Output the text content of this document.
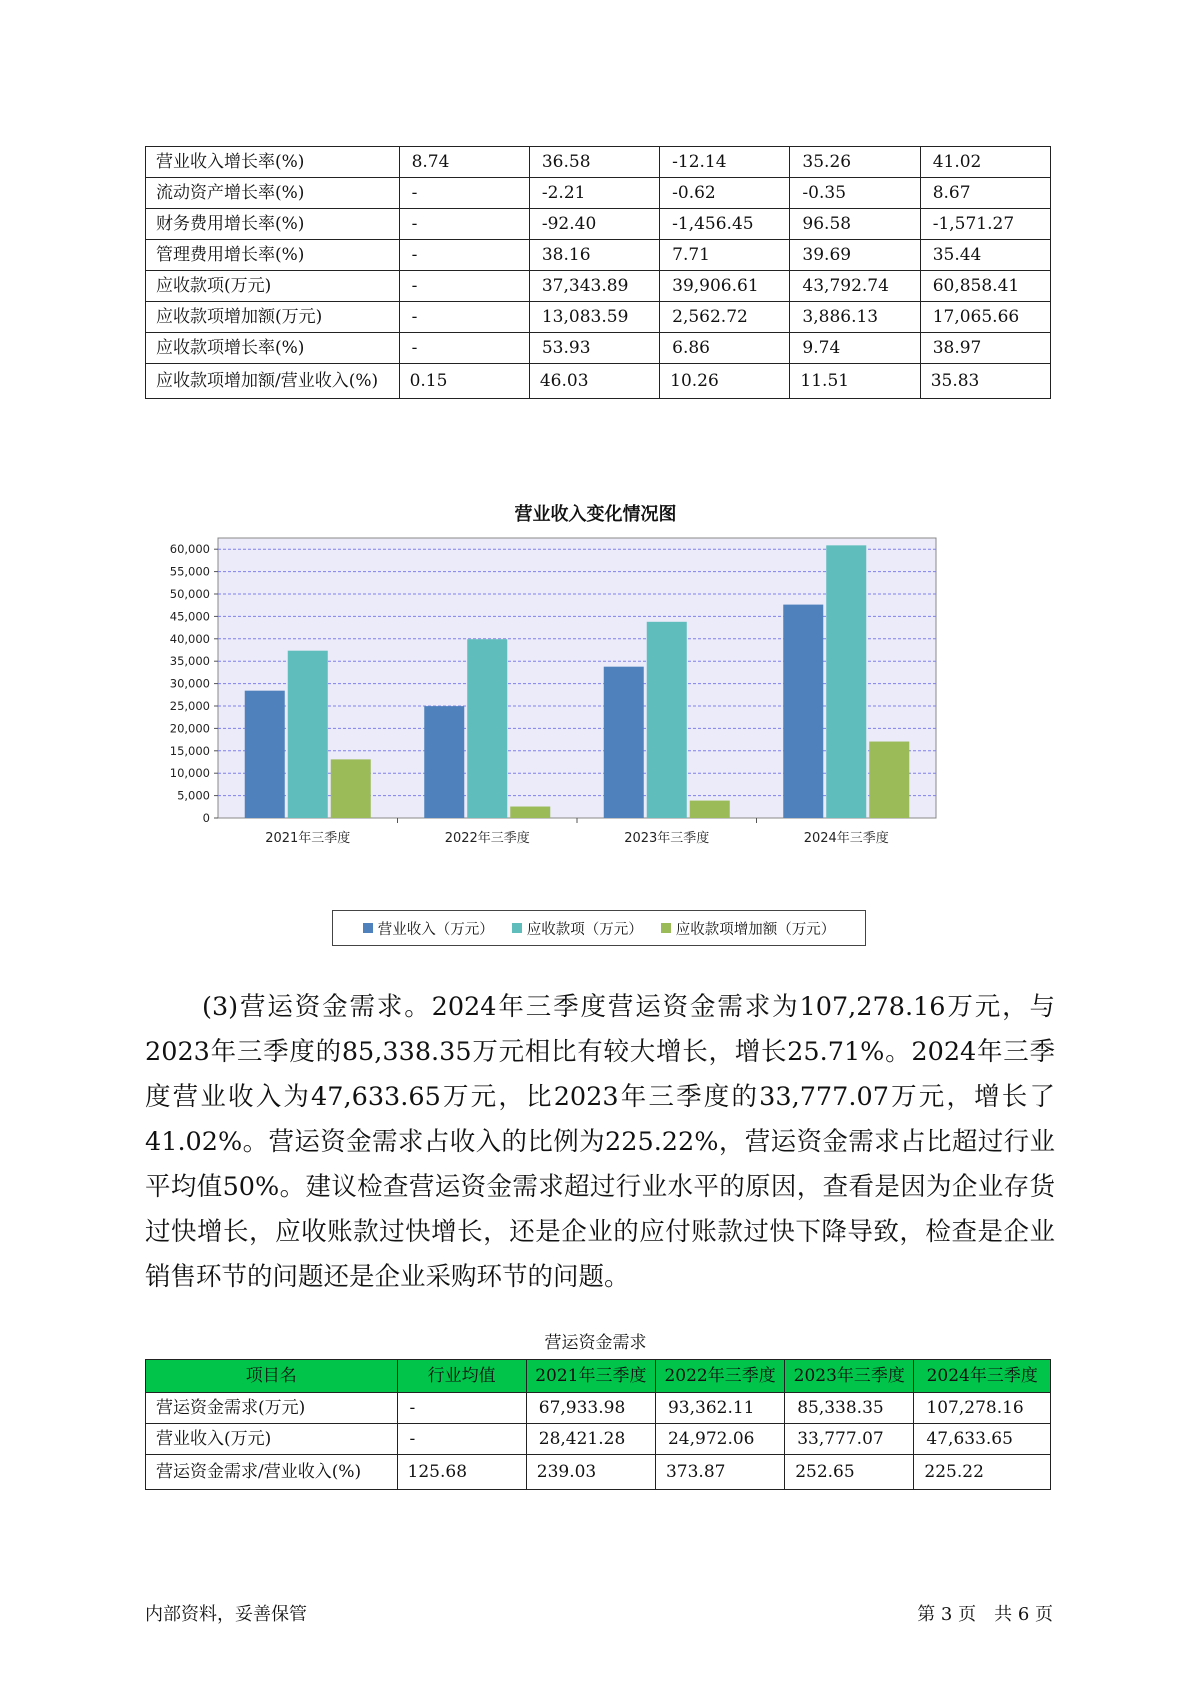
营业收入增长率(%)	8.74	36.58	-12.14	35.26	41.02
流动资产增长率(%)	-	-2.21	-0.62	-0.35	8.67
财务费用增长率(%)	-	-92.40	-1,456.45	96.58	-1,571.27
管理费用增长率(%)	-	38.16	7.71	39.69	35.44
应收款项(万元)	-	37,343.89	39,906.61	43,792.74	60,858.41
应收款项增加额(万元)	-	13,083.59	2,562.72	3,886.13	17,065.66
应收款项增长率(%)	-	53.93	6.86	9.74	38.97
应收款项增加额/营业收入(%)	0.15	46.03	10.26	11.51	35.83
营业收入变化情况图
0
5,000
10,000
15,000
20,000
25,000
30,000
35,000
40,000
45,000
50,000
55,000
60,000
2021年三季度	2022年三季度	2023年三季度	2024年三季度
营业收入（万元） 应收款项（万元） 应收款项增加额（万元）
(3)营运资金需求。2024年三季度营运资金需求为107,278.16万元，与2023年三季度的85,338.35万元相比有较大增长，增长25.71%。2024年三季度营业收入为47,633.65万元，比2023年三季度的33,777.07万元，增长了41.02%。营运资金需求占收入的比例为225.22%，营运资金需求占比超过行业平均值50%。建议检查营运资金需求超过行业水平的原因，查看是因为企业存货过快增长，应收账款过快增长，还是企业的应付账款过快下降导致，检查是企业销售环节的问题还是企业采购环节的问题。
营运资金需求
项目名	行业均值	2021年三季度	2022年三季度	2023年三季度	2024年三季度
营运资金需求(万元)	-	67,933.98	93,362.11	85,338.35	107,278.16
营业收入(万元)	-	28,421.28	24,972.06	33,777.07	47,633.65
营运资金需求/营业收入(%)	125.68	239.03	373.87	252.65	225.22
内部资料，妥善保管	第 3 页　共 6 页
